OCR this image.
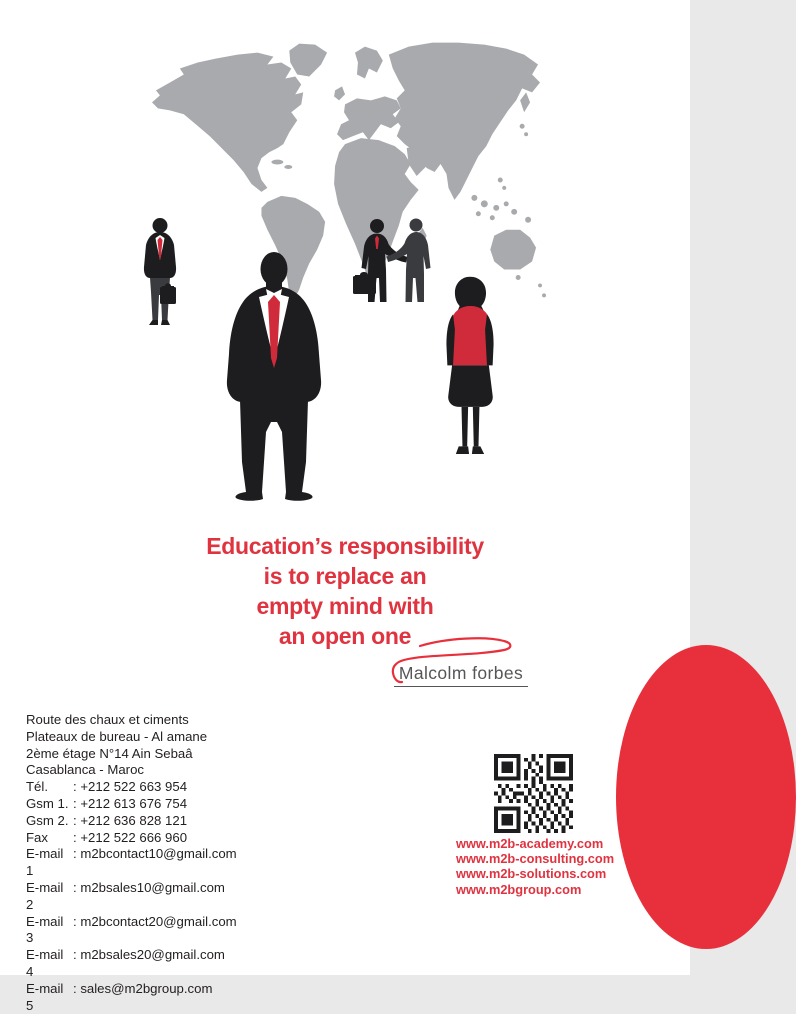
Education’s responsibility
is to replace an
empty mind with
an open one
Malcolm forbes
Route des chaux et ciments
Plateaux de bureau - Al amane
2ème étage N°14 Ain Sebaâ
Casablanca - Maroc
Tél.	: +212 522 663 954
Gsm 1. : +212 613 676 754
Gsm 2. : +212 636 828 121
Fax	: +212 522 666 960
E-mail 1
: m2bcontact10@gmail.com
E-mail 2
: m2bsales10@gmail.com
E-mail 3
: m2bcontact20@gmail.com
E-mail 4
: m2bsales20@gmail.com
E-mail 5
: sales@m2bgroup.com
www.m2b-academy.com
www.m2b-consulting.com
www.m2b-solutions.com
www.m2bgroup.com
